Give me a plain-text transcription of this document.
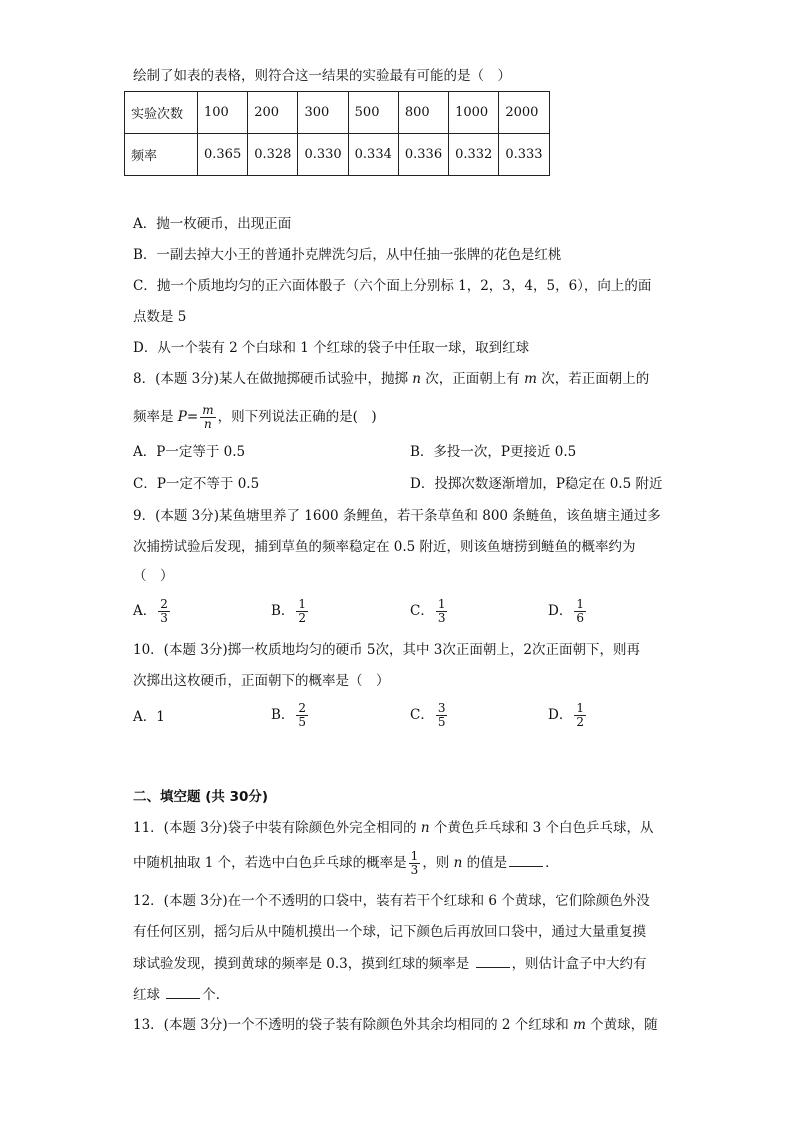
绘制了如表的表格，则符合这一结果的实验最有可能的是（　）
实验次数	100	200	300	500	800	1000	2000
频率	0.365	0.328	0.330	0.334	0.336	0.332	0.333
A．抛一枚硬币，出现正面
B．一副去掉大小王的普通扑克牌洗匀后，从中任抽一张牌的花色是红桃
C．抛一个质地均匀的正六面体骰子（六个面上分别标 1，2，3，4，5，6），向上的面
点数是 5
D．从一个装有 2 个白球和 1 个红球的袋子中任取一球，取到红球
8．(本题 3分)某人在做抛掷硬币试验中，抛掷 n 次，正面朝上有 m 次，若正面朝上的
频率是 $P= \frac{m}{n}$ ，则下列说法正确的是(　)
A．P一定等于 0.5	B．多投一次，P更接近 0.5
C．P一定不等于 0.5	D．投掷次数逐渐增加，P稳定在 0.5 附近
9．(本题 3分)某鱼塘里养了 1600 条鲤鱼，若干条草鱼和 800 条鲢鱼，该鱼塘主通过多
次捕捞试验后发现，捕到草鱼的频率稳定在 0.5 附近，则该鱼塘捞到鲢鱼的概率约为
（　）
A． $\frac{2}{3}$	B． $\frac{1}{2}$	C． $\frac{1}{3}$	D． $\frac{1}{6}$
10．(本题 3分)掷一枚质地均匀的硬币 5次，其中 3次正面朝上，2次正面朝下，则再
次掷出这枚硬币，正面朝下的概率是（　）
A．1	B． $\frac{2}{5}$	C． $\frac{3}{5}$	D． $\frac{1}{2}$
二、填空题 (共 30分)
11．(本题 3分)袋子中装有除颜色外完全相同的 n 个黄色乒乓球和 3 个白色乒乓球，从
中随机抽取 1 个，若选中白色乒乓球的概率是 $\frac{1}{3}$ ，则 n 的值是	．
12．(本题 3分)在一个不透明的口袋中，装有若干个红球和 6 个黄球，它们除颜色外没
有任何区别，摇匀后从中随机摸出一个球，记下颜色后再放回口袋中，通过大量重复摸
球试验发现，摸到黄球的频率是 0.3，摸到红球的频率是	，则估计盒子中大约有
红球	个．
13．(本题 3分)一个不透明的袋子装有除颜色外其余均相同的 2 个红球和 m 个黄球，随
